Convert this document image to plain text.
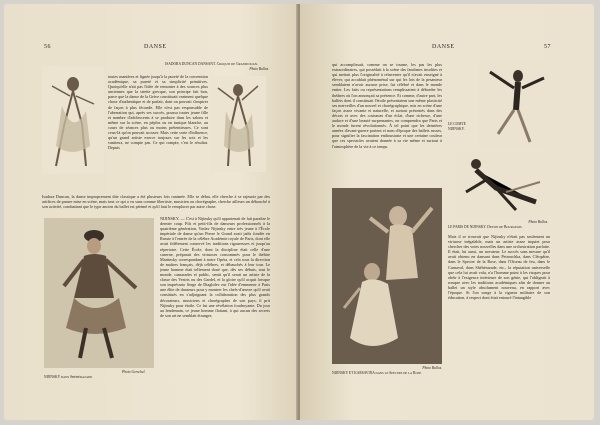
56	DANSE
ISADORA DUNCAN DANSANT. Croquis de Grandjouan.
Photo Bulloz.
toutes manières et lignée jusqu'à la pureté de la convention académique, sa pureté et sa simplicité primitives. Quoiqu'elle n'ait pas l'idée de remonter à des sources plus anciennes que la strette grecque, son principe fait bon, parce que la danse de la Grèce constituait vraiment quelque chose d'authentique et de parfait, dont on pouvait s'inspirer de façon à plus féconde. Elle n'est pas responsable de l'aberration qui, après ses succès, poussa toutes jeune fille et nombre d'adolescents à se produire dans les salons et même sur la scène, en péplos ou en tunique blanche, au cours de séances plus ou moins prétentieuses. Ce sont ceux-là qu'on pouvait accuser. Mais cette sorte d'influence, qu'un grand artiste exerce toujours sur les sots et les vaniteux, ne compte pas. Ce qui compte, c'est le résultat. Depuis
Isadora Duncan, la danse improprement dite classique a été plusieurs fois ranimée. Elle se débat, elle cherche à se rajeunir par des artifices de parure mise en scène, mais tout ce qui a vu sans comme libertiste, musicien ou chorégraphe, cherche ailleurs un débouché à son activité, combattant que le type ancien du ballet est périmé et qu'il faut le remplacer par autre chose.
Photo Gerschel.
NIJINSKY dans Shéhérazade.
NIJINSKY. — C'est à Nijinsky qu'il appartenait de fait paraître le dernier coup. Fils et petit-fils de danseurs professionnels à la quatrième génération, Vaslav Nijinsky entre très jeune à l'École impériale de danse qu'un Pierre le Grand avait jadis fondée en Russie à l'entrée de la célèbre Académie royale de Paris, dont elle avait fidèlement conservé les traditions rigoureuses et jusqu'au répertoire. Cette École, dont la discipline était celle d'une caserne, préparait des virtuoses consommés pour le théâtre Mariinsky correspondant à notre Opéra, et cela sous la direction de maîtres français, déjà célèbres, et débauchés à leur tour. Le jeune homme était tellement doué que, dès ses débuts, tout le monde, camarades et public, sentit qu'il serait un artiste de la classe des Vestris ou des Gardel, et la gloire qu'il acquit lorsque son imprésario Serge de Diaghilev eut l'idée d'emmener à Paris une élite de danseurs pour y montrer les chefs-d'œuvre qu'il avait constitués en s'adjoignant la collaboration des plus grands décorateurs, musiciens et chorégraphes de son pays, il prit Nijinsky pour étoile. Ce fut une révélation foudroyante. Du jour au lendemain, ce jeune homme flottant, à qui aucun des secrets de son art ne semblait étranger,
DANSE	57
qui accomplissait, comme on se tourne, les pas les plus extraordinaires, qui possédait à la scène des fantômes insolites et qui mettait plus l'originalité à réinventer qu'il n'avait enseigné à élever, qui accablait phénoménal sur qui les lois de la pesanteur semblaient n'avoir aucune prise, fut célébré et dans le monde entier. Les faits ou représentations remplissaient à déborder les théâtres où l'on annonçait sa présence. Et comme, d'autre part, les ballets dont il constituait l'étoile présentaient une même plasticité ses merveilles d'un nouvel et chorégraphique, mis en scène d'une façon assez vivante et naturelle, et surtout présentés dans des décors et avec des costumes d'un éclat, d'une richesse, d'une audace et d'une beauté surprenantes, on comprendra que Paris et le monde furent révolutionnés. À tel point que les dernières années d'avant-guerre portent et nom d'époque des ballets russes, pour signifier la fascination enthousiaste et une certaine couleur que ces spectacles avaient donnée à sa vie même et surtout à l'atmosphère de la vie à ce temps.
LE COMTE
NIJINSKY.
Photo Bulloz.
LE PARIS DE NIJINSKY. Dessin de Bourgeois.
Photo Bulloz.
NIJINSKY ET KARSAVINA dans le Spectre de la Rose.
Mais il se trouvait que Nijinsky n'était pas seulement un virtuose inégalable, mais un artiste assez inquiet pour chercher des voies nouvelles dans une orchestration parfaite. Il était, lui aussi, un novateur. Le succès sans mesure qu'il avait obtenu en dansant dans Petrouchka, dans Cléopâtre, dans le Spectre de la Rose, dans l'Oiseau de feu, dans le Carnaval, dans Shéhérazade, etc., la réputation universelle que cela lui avait valu, n'a l'homme point à les risques pour obéir à l'exigence intérieure de son génie, qui l'obligeait à rompre avec les traditions académiques afin de donner au ballet un style absolument nouveau, en rapport avec l'époque. Si l'on songe à la rigueur militaire de son éducation, à respect dont était entouré l'intangible
